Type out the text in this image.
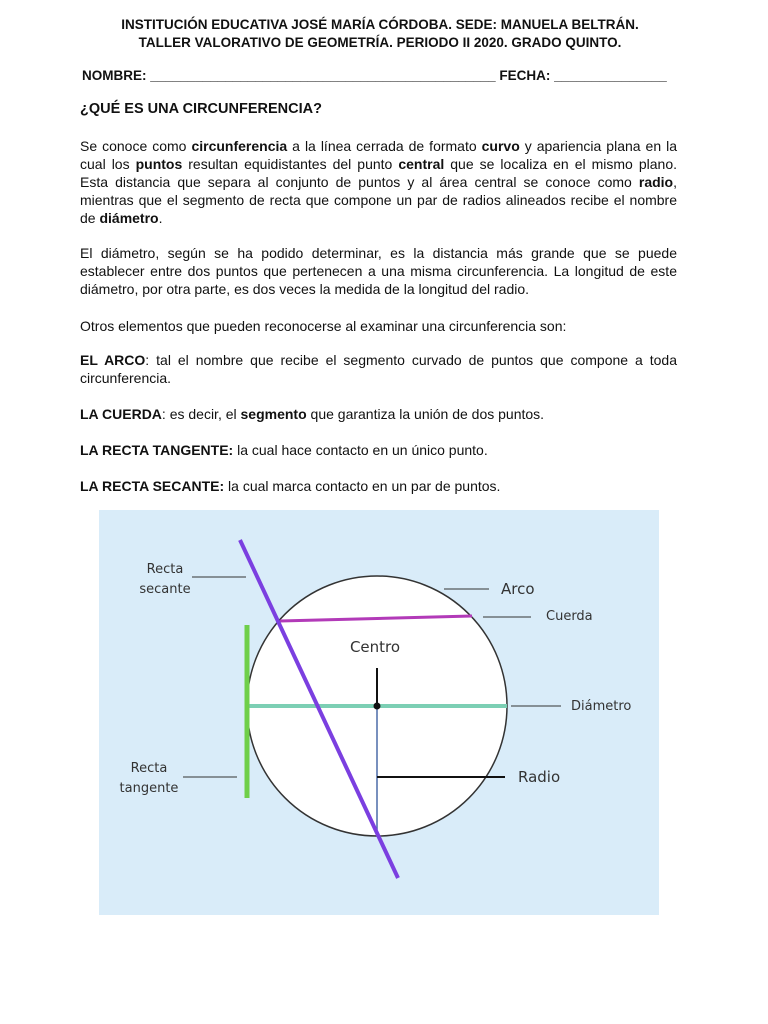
INSTITUCIÓN EDUCATIVA JOSÉ MARÍA CÓRDOBA. SEDE: MANUELA BELTRÁN.
TALLER VALORATIVO DE GEOMETRÍA. PERIODO II 2020. GRADO QUINTO.
NOMBRE: ______________________________________________ FECHA: _______________
¿QUÉ ES UNA CIRCUNFERENCIA?

Se conoce como circunferencia a la línea cerrada de formato curvo y apariencia plana en la cual los puntos resultan equidistantes del punto central que se localiza en el mismo plano. Esta distancia que separa al conjunto de puntos y al área central se conoce como radio, mientras que el segmento de recta que compone un par de radios alineados recibe el nombre de diámetro.

El diámetro, según se ha podido determinar, es la distancia más grande que se puede establecer entre dos puntos que pertenecen a una misma circunferencia. La longitud de este diámetro, por otra parte, es dos veces la medida de la longitud del radio.

Otros elementos que pueden reconocerse al examinar una circunferencia son:

EL ARCO: tal el nombre que recibe el segmento curvado de puntos que compone a toda circunferencia.

LA CUERDA: es decir, el segmento que garantiza la unión de dos puntos.

LA RECTA TANGENTE: la cual hace contacto en un único punto.

LA RECTA SECANTE: la cual marca contacto en un par de puntos.

Recta
secante	Arco
Cuerda
Centro
Diámetro
Recta
tangente
Radio
